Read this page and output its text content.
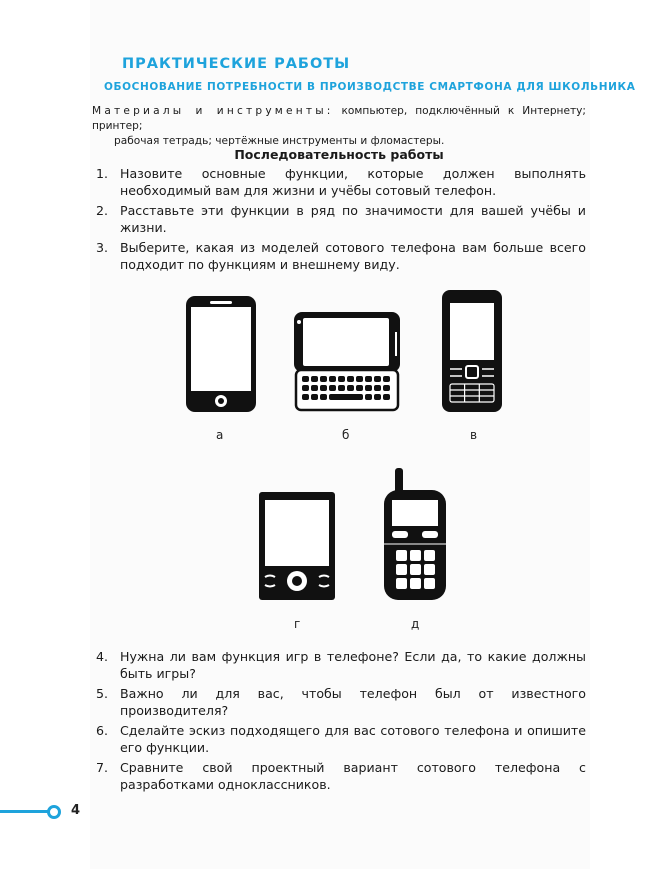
ПРАКТИЧЕСКИЕ РАБОТЫ
ОБОСНОВАНИЕ ПОТРЕБНОСТИ В ПРОИЗВОДСТВЕ СМАРТФОНА ДЛЯ ШКОЛЬНИКА
Материалы и инструменты: компьютер, подключённый к Интернету; принтер;
рабочая тетрадь; чертёжные инструменты и фломастеры.
Последовательность работы
1. Назовите основные функции, которые должен выполнять необходимый вам для жизни и учёбы сотовый телефон.
2. Расставьте эти функции в ряд по значимости для вашей учёбы и жизни.
3. Выберите, какая из моделей сотового телефона вам больше всего подходит по функциям и внешнему виду.
а	б	в
г	д
4. Нужна ли вам функция игр в телефоне? Если да, то какие должны быть игры?
5. Важно ли для вас, чтобы телефон был от известного производителя?
6. Сделайте эскиз подходящего для вас сотового телефона и опишите его функции.
7. Сравните свой проектный вариант сотового телефона с разработками одноклассников.
4
